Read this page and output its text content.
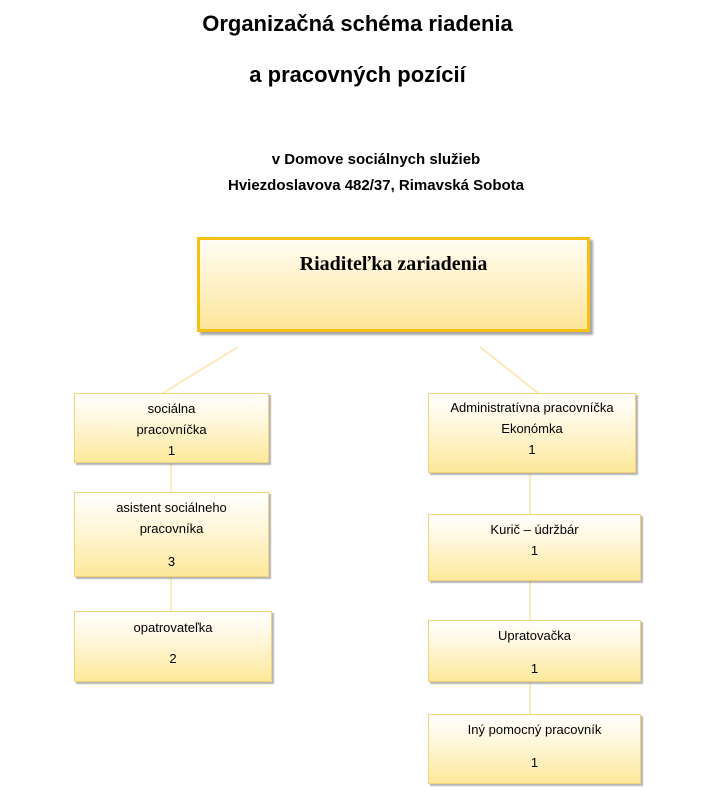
Organizačná schéma riadenia
a pracovných pozícií

v Domove sociálnych služieb

Hviezdoslavova 482/37, Rimavská Sobota

Riaditeľka zariadenia
sociálna
pracovníčka
1
asistent sociálneho
pracovníka
3
opatrovateľka
2
Administratívna pracovníčka
Ekonómka
1
Kurič – údržbár
1
Upratovačka
1
Iný pomocný pracovník
1
